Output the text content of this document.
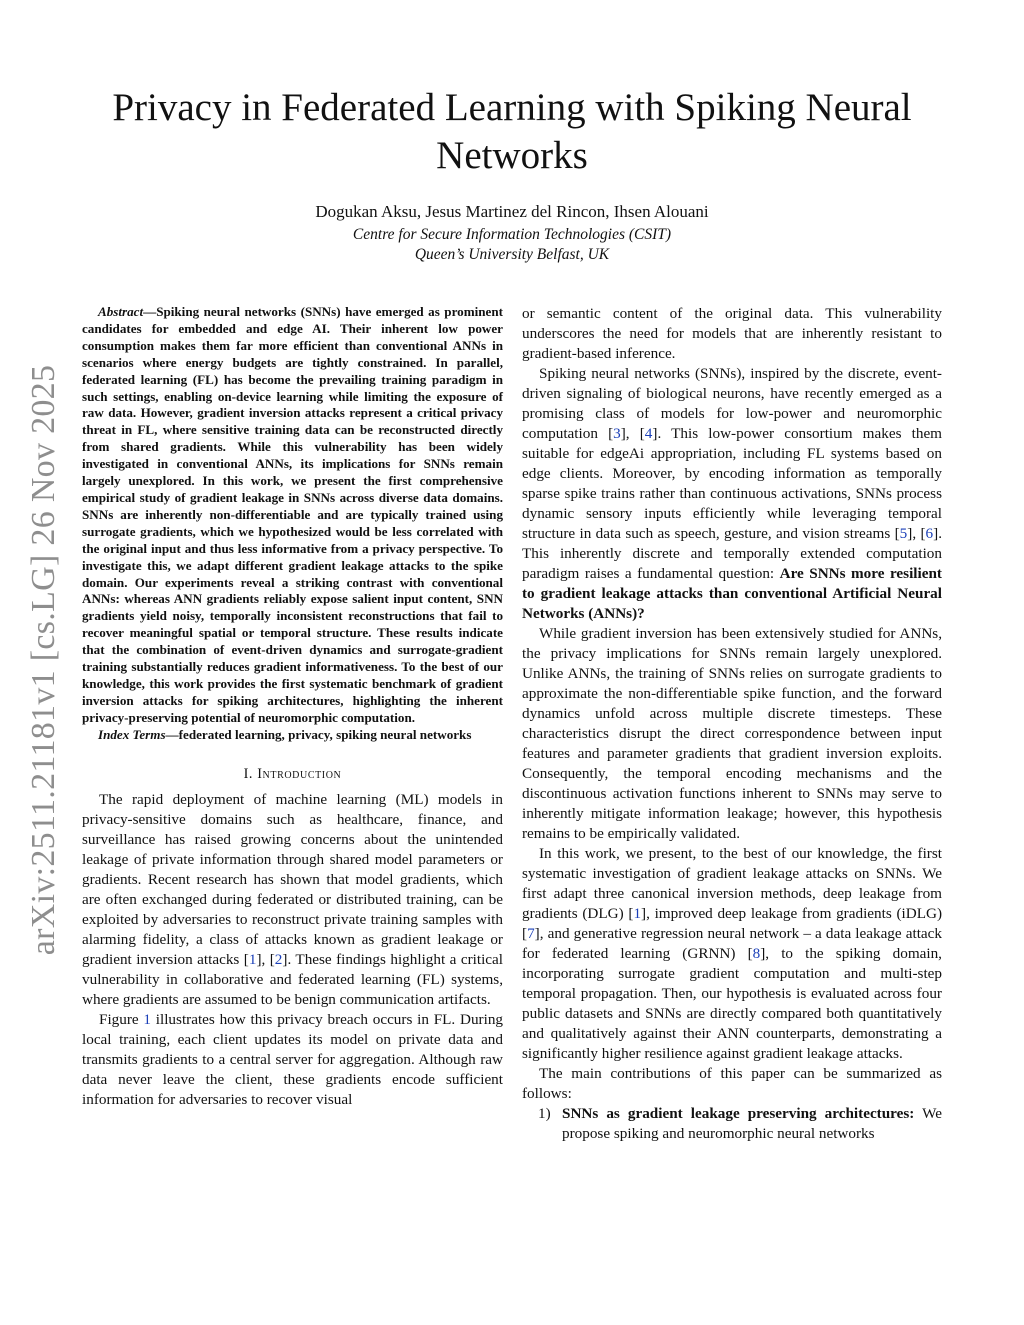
Privacy in Federated Learning with Spiking Neural Networks
Dogukan Aksu, Jesus Martinez del Rincon, Ihsen Alouani
Centre for Secure Information Technologies (CSIT)
Queen’s University Belfast, UK
arXiv:2511.21181v1 [cs.LG] 26 Nov 2025

Abstract—Spiking neural networks (SNNs) have emerged as prominent candidates for embedded and edge AI. Their inherent low power consumption makes them far more efficient than conventional ANNs in scenarios where energy budgets are tightly constrained. In parallel, federated learning (FL) has become the prevailing training paradigm in such settings, enabling on-device learning while limiting the exposure of raw data. However, gradient inversion attacks represent a critical privacy threat in FL, where sensitive training data can be reconstructed directly from shared gradients. While this vulnerability has been widely investigated in conventional ANNs, its implications for SNNs remain largely unexplored. In this work, we present the first comprehensive empirical study of gradient leakage in SNNs across diverse data domains. SNNs are inherently non-differentiable and are typically trained using surrogate gradients, which we hypothesized would be less correlated with the original input and thus less informative from a privacy perspective. To investigate this, we adapt different gradient leakage attacks to the spike domain. Our experiments reveal a striking contrast with conventional ANNs: whereas ANN gradients reliably expose salient input content, SNN gradients yield noisy, temporally inconsistent reconstructions that fail to recover meaningful spatial or temporal structure. These results indicate that the combination of event-driven dynamics and surrogate-gradient training substantially reduces gradient informativeness. To the best of our knowledge, this work provides the first systematic benchmark of gradient inversion attacks for spiking architectures, highlighting the inherent privacy-preserving potential of neuromorphic computation.

Index Terms—federated learning, privacy, spiking neural networks

I. Introduction

The rapid deployment of machine learning (ML) models in privacy-sensitive domains such as healthcare, finance, and surveillance has raised growing concerns about the unintended leakage of private information through shared model parameters or gradients. Recent research has shown that model gradients, which are often exchanged during federated or distributed training, can be exploited by adversaries to reconstruct private training samples with alarming fidelity, a class of attacks known as gradient leakage or gradient inversion attacks [1], [2]. These findings highlight a critical vulnerability in collaborative and federated learning (FL) systems, where gradients are assumed to be benign communication artifacts.

Figure 1 illustrates how this privacy breach occurs in FL. During local training, each client updates its model on private data and transmits gradients to a central server for aggregation. Although raw data never leave the client, these gradients encode sufficient information for adversaries to recover visual

or semantic content of the original data. This vulnerability underscores the need for models that are inherently resistant to gradient-based inference.

Spiking neural networks (SNNs), inspired by the discrete, event-driven signaling of biological neurons, have recently emerged as a promising class of models for low-power and neuromorphic computation [3], [4]. This low-power consortium makes them suitable for edgeAi appropriation, including FL systems based on edge clients. Moreover, by encoding information as temporally sparse spike trains rather than continuous activations, SNNs process dynamic sensory inputs efficiently while leveraging temporal structure in data such as speech, gesture, and vision streams [5], [6]. This inherently discrete and temporally extended computation paradigm raises a fundamental question: Are SNNs more resilient to gradient leakage attacks than conventional Artificial Neural Networks (ANNs)?

While gradient inversion has been extensively studied for ANNs, the privacy implications for SNNs remain largely unexplored. Unlike ANNs, the training of SNNs relies on surrogate gradients to approximate the non-differentiable spike function, and the forward dynamics unfold across multiple discrete timesteps. These characteristics disrupt the direct correspondence between input features and parameter gradients that gradient inversion exploits. Consequently, the temporal encoding mechanisms and the discontinuous activation functions inherent to SNNs may serve to inherently mitigate information leakage; however, this hypothesis remains to be empirically validated.

In this work, we present, to the best of our knowledge, the first systematic investigation of gradient leakage attacks on SNNs. We first adapt three canonical inversion methods, deep leakage from gradients (DLG) [1], improved deep leakage from gradients (iDLG) [7], and generative regression neural network – a data leakage attack for federated learning (GRNN) [8], to the spiking domain, incorporating surrogate gradient computation and multi-step temporal propagation. Then, our hypothesis is evaluated across four public datasets and SNNs are directly compared both quantitatively and qualitatively against their ANN counterparts, demonstrating a significantly higher resilience against gradient leakage attacks.

The main contributions of this paper can be summarized as follows:

1) SNNs as gradient leakage preserving architectures: We propose spiking and neuromorphic neural networks
